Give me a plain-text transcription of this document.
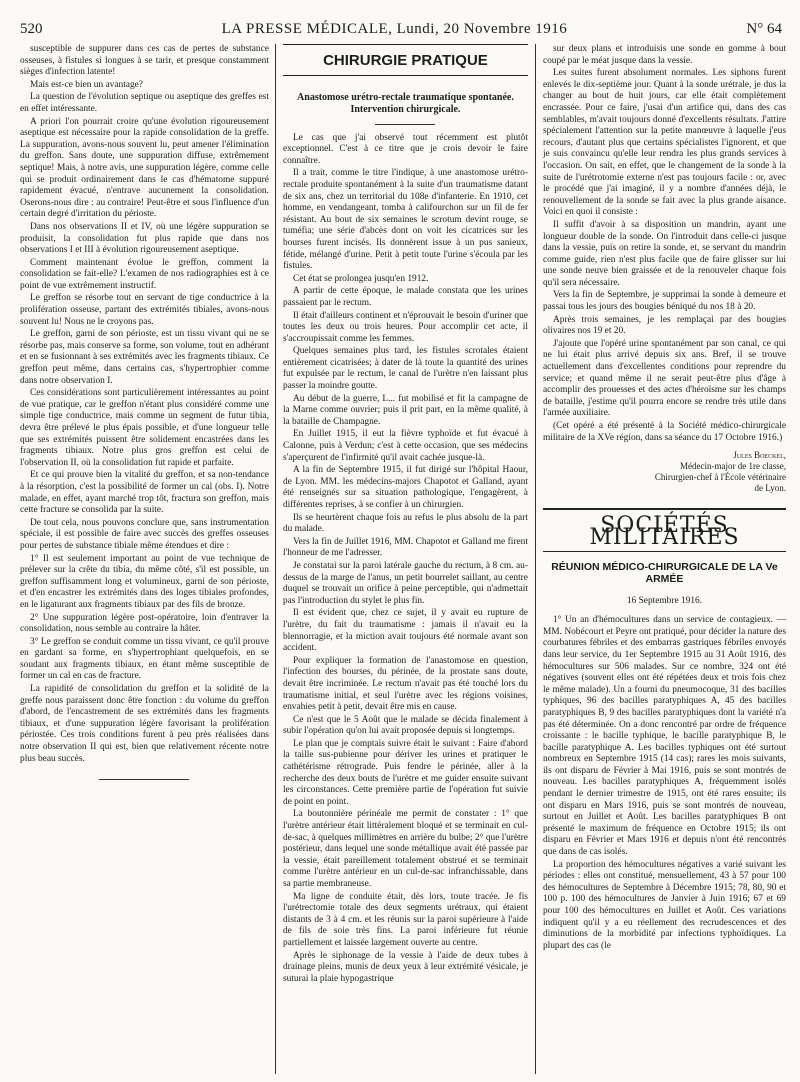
520	LA PRESSE MÉDICALE, Lundi, 20 Novembre 1916	N° 64

susceptible de suppurer dans ces cas de pertes de substance osseuses, à fistules si longues à se tarir, et presque constamment sièges d'infection latente!

Mais est-ce bien un avantage?

La question de l'évolution septique ou aseptique des greffes est en effet intéressante.

A priori l'on pourrait croire qu'une évolution rigoureusement aseptique est nécessaire pour la rapide consolidation de la greffe. La suppuration, avons-nous souvent lu, peut amener l'élimination du greffon. Sans doute, une suppuration diffuse, extrêmement septique! Mais, à notre avis, une suppuration légère, comme celle qui se produit ordinairement dans le cas d'hématome suppuré rapidement évacué, n'entrave aucunement la consolidation. Oserons-nous dire : au contraire! Peut-être et sous l'influence d'un certain degré d'irritation du périoste.

Dans nos observations II et IV, où une légère suppuration se produisit, la consolidation fut plus rapide que dans nos observations I et III à évolution rigoureusement aseptique.

Comment maintenant évolue le greffon, comment la consolidation se fait-elle? L'examen de nos radiographies est à ce point de vue extrêmement instructif.

Le greffon se résorbe tout en servant de tige conductrice à la prolifération osseuse, partant des extrémités tibiales, avons-nous souvent lu! Nous ne le croyons pas.

Le greffon, garni de son périoste, est un tissu vivant qui ne se résorbe pas, mais conserve sa forme, son volume, tout en adhérant et en se fusionnant à ses extrémités avec les fragments tibiaux. Ce greffon peut même, dans certains cas, s'hypertrophier comme dans notre observation I.

Ces considérations sont particulièrement intéressantes au point de vue pratique, car le greffon n'étant plus considéré comme une simple tige conductrice, mais comme un segment de futur tibia, devra être prélevé le plus épais possible, et d'une longueur telle que ses extrémités puissent être solidement encastrées dans les fragments tibiaux. Notre plus gros greffon est celui de l'observation II, où la consolidation fut rapide et parfaite.

Et ce qui prouve bien la vitalité du greffon, et sa non-tendance à la résorption, c'est la possibilité de former un cal (obs. I). Notre malade, en effet, ayant marché trop tôt, fractura son greffon, mais cette fracture se consolida par la suite.

De tout cela, nous pouvons conclure que, sans instrumentation spéciale, il est possible de faire avec succès des greffes osseuses pour pertes de substance tibiale même étendues et dire :

1° Il est seulement important au point de vue technique de prélever sur la crête du tibia, du même côté, s'il est possible, un greffon suffisamment long et volumineux, garni de son périoste, et d'en encastrer les extrémités dans des loges tibiales profondes, en le ligaturant aux fragments tibiaux par des fils de bronze.

2° Une suppuration légère post-opératoire, loin d'entraver la consolidation, nous semble au contraire la hâter.

3° Le greffon se conduit comme un tissu vivant, ce qu'il prouve en gardant sa forme, en s'hypertrophiant quelquefois, en se soudant aux fragments tibiaux, en étant même susceptible de former un cal en cas de fracture.

La rapidité de consolidation du greffon et la solidité de la greffe nous paraissent donc être fonction : du volume du greffon d'abord, de l'encastrement de ses extrémités dans les fragments tibiaux, et d'une suppuration légère favorisant la prolifération périostée. Ces trois conditions furent à peu près réalisées dans notre observation II qui est, bien que relativement récente notre plus beau succès.

CHIRURGIE PRATIQUE
Anastomose urétro-rectale traumatique spontanée. Intervention chirurgicale.

Le cas que j'ai observé tout récemment est plutôt exceptionnel. C'est à ce titre que je crois devoir le faire connaître.

Il a trait, comme le titre l'indique, à une anastomose urétro-rectale produite spontanément à la suite d'un traumatisme datant de six ans, chez un territorial du 108e d'infanterie. En 1910, cet homme, en vendangeant, tomba à califourchon sur un fil de fer résistant. Au bout de six semaines le scrotum devint rouge, se tuméfia; une série d'abcès dont on voit les cicatrices sur les bourses furent incisés. Ils donnèrent issue à un pus sanieux, fétide, mélangé d'urine. Petit à petit toute l'urine s'écoula par les fistules.

Cet état se prolongea jusqu'en 1912.

A partir de cette époque, le malade constata que les urines passaient par le rectum.

Il était d'ailleurs continent et n'éprouvait le besoin d'uriner que toutes les deux ou trois heures. Pour accomplir cet acte, il s'accroupissait comme les femmes.

Quelques semaines plus tard, les fistules scrotales étaient entièrement cicatrisées; à dater de là toute la quantité des urines fut expulsée par le rectum, le canal de l'urètre n'en laissant plus passer la moindre goutte.

Au début de la guerre, L... fut mobilisé et fit la campagne de la Marne comme ouvrier; puis il prit part, en la même qualité, à la bataille de Champagne.

En Juillet 1915, il eut la fièvre typhoïde et fut évacué à Calonne, puis à Verdun; c'est à cette occasion, que ses médecins s'aperçurent de l'infirmité qu'il avait cachée jusque-là.

A la fin de Septembre 1915, il fut dirigé sur l'hôpital Haour, de Lyon. MM. les médecins-majors Chapotot et Galland, ayant été renseignés sur sa situation pathologique, l'engagèrent, à différentes reprises, à se confier à un chirurgien.

Ils se heurtèrent chaque fois au refus le plus absolu de la part du malade.

Vers la fin de Juillet 1916, MM. Chapotot et Galland me firent l'honneur de me l'adresser.

Je constatai sur la paroi latérale gauche du rectum, à 8 cm. au-dessus de la marge de l'anus, un petit bourrelet saillant, au centre duquel se trouvait un orifice à peine perceptible, qui n'admettait pas l'introduction du stylet le plus fin.

Il est évident que, chez ce sujet, il y avait eu rupture de l'urètre, du fait du traumatisme : jamais il n'avait eu la blennorragie, et la miction avait toujours été normale avant son accident.

Pour expliquer la formation de l'anastomose en question, l'infection des bourses, du périnée, de la prostate sans doute, devait être incriminée. Le rectum n'avait pas été touché lors du traumatisme initial, et seul l'urètre avec les régions voisines, envahies petit à petit, devait être mis en cause.

Ce n'est que le 5 Août que le malade se décida finalement à subir l'opération qu'on lui avait proposée depuis si longtemps.

Le plan que je comptais suivre était le suivant : Faire d'abord la taille sus-pubienne pour dériver les urines et pratiquer le cathétérisme rétrograde. Puis fendre le périnée, aller à la recherche des deux bouts de l'urètre et me guider ensuite suivant les circonstances. Cette première partie de l'opération fut suivie de point en point.

La boutonnière périnéale me permit de constater : 1° que l'urètre antérieur était littéralement bloqué et se terminait en cul-de-sac, à quelques millimètres en arrière du bulbe; 2° que l'urètre postérieur, dans lequel une sonde métallique avait été passée par la vessie, était pareillement totalement obstrué et se terminait comme l'urètre antérieur en un cul-de-sac infranchissable, dans sa partie membraneuse.

Ma ligne de conduite était, dès lors, toute tracée. Je fis l'urétrectomie totale des deux segments urétraux, qui étaient distants de 3 à 4 cm. et les réunis sur la paroi supérieure à l'aide de fils de soie très fins. La paroi inférieure fut réunie partiellement et laissée largement ouverte au centre.

Après le siphonage de la vessie à l'aide de deux tubes à drainage pleins, munis de deux yeux à leur extrémité vésicale, je suturai la plaie hypogastrique

sur deux plans et introduisis une sonde en gomme à bout coupé par le méat jusque dans la vessie.

Les suites furent absolument normales. Les siphons furent enlevés le dix-septième jour. Quant à la sonde urétrale, je dus la changer au bout de huit jours, car elle était complètement encrassée. Pour ce faire, j'usai d'un artifice qui, dans des cas semblables, m'avait toujours donné d'excellents résultats. J'attire spécialement l'attention sur la petite manœuvre à laquelle j'eus recours, d'autant plus que certains spécialistes l'ignorent, et que je suis convaincu qu'elle leur rendra les plus grands services à l'occasion. On sait, en effet, que le changement de la sonde à la suite de l'urétrotomie externe n'est pas toujours facile : or, avec le procédé que j'ai imaginé, il y a nombre d'années déjà, le renouvellement de la sonde se fait avec la plus grande aisance. Voici en quoi il consiste :

Il suffit d'avoir à sa disposition un mandrin, ayant une longueur double de la sonde. On l'introduit dans celle-ci jusque dans la vessie, puis on retire la sonde, et, se servant du mandrin comme guide, rien n'est plus facile que de faire glisser sur lui une sonde neuve bien graissée et de la renouveler chaque fois qu'il sera nécessaire.

Vers la fin de Septembre, je supprimai la sonde à demeure et passai tous les jours des bougies béniqué du nos 18 à 20.

Après trois semaines, je les remplaçai par des bougies olivaires nos 19 et 20.

J'ajoute que l'opéré urine spontanément par son canal, ce qui ne lui était plus arrivé depuis six ans. Bref, il se trouve actuellement dans d'excellentes conditions pour reprendre du service; et quand même il ne serait peut-être plus d'âge à accomplir des prouesses et des actes d'héroïsme sur les champs de bataille, j'estime qu'il pourra encore se rendre très utile dans l'armée auxiliaire.

(Cet opéré a été présenté à la Société médico-chirurgicale militaire de la XVe région, dans sa séance du 17 Octobre 1916.)

Jules Boeckel,
Médecin-major de 1re classe,
Chirurgien-chef à l'École vétérinaire
de Lyon.
SOCIÉTÉS MILITAIRES
RÉUNION MÉDICO-CHIRURGICALE DE LA Ve ARMÉE
16 Septembre 1916.

1° Un an d'hémocultures dans un service de contagieux. — MM. Nobécourt et Peyre ont pratiqué, pour décider la nature des courbatures fébriles et des embarras gastriques fébriles envoyés dans leur service, du 1er Septembre 1915 au 31 Août 1916, des hémocultures sur 506 malades. Sur ce nombre, 324 ont été négatives (souvent elles ont été répétées deux et trois fois chez le même malade). Un a fourni du pneumocoque, 31 des bacilles typhiques, 96 des bacilles paratyphiques A, 45 des bacilles paratyphiques B, 9 des bacilles paratyphiques dont la variété n'a pas été déterminée. On a donc rencontré par ordre de fréquence croissante : le bacille typhique, le bacille paratyphique B, le bacille paratyphique A. Les bacilles typhiques ont été surtout nombreux en Septembre 1915 (14 cas); rares les mois suivants, ils ont disparu de Février à Mai 1916, puis se sont montrés de nouveau. Les bacilles paratyphiques A, fréquemment isolés pendant le dernier trimestre de 1915, ont été rares ensuite; ils ont disparu en Mars 1916, puis se sont montrés de nouveau, surtout en Juillet et Août. Les bacilles paratyphiques B ont présenté le maximum de fréquence en Octobre 1915; ils ont disparu en Février et Mars 1916 et depuis n'ont été rencontrés que dans de cas isolés.

La proportion des hémocultures négatives a varié suivant les périodes : elles ont constitué, mensuellement, 43 à 57 pour 100 des hémocultures de Septembre à Décembre 1915; 78, 80, 90 et 100 p. 100 des hémocultures de Janvier à Juin 1916; 67 et 69 pour 100 des hémocultures en Juillet et Août. Ces variations indiquent qu'il y a eu réellement des recrudescences et des diminutions de la morbidité par infections typhoïdiques. La plupart des cas (le
